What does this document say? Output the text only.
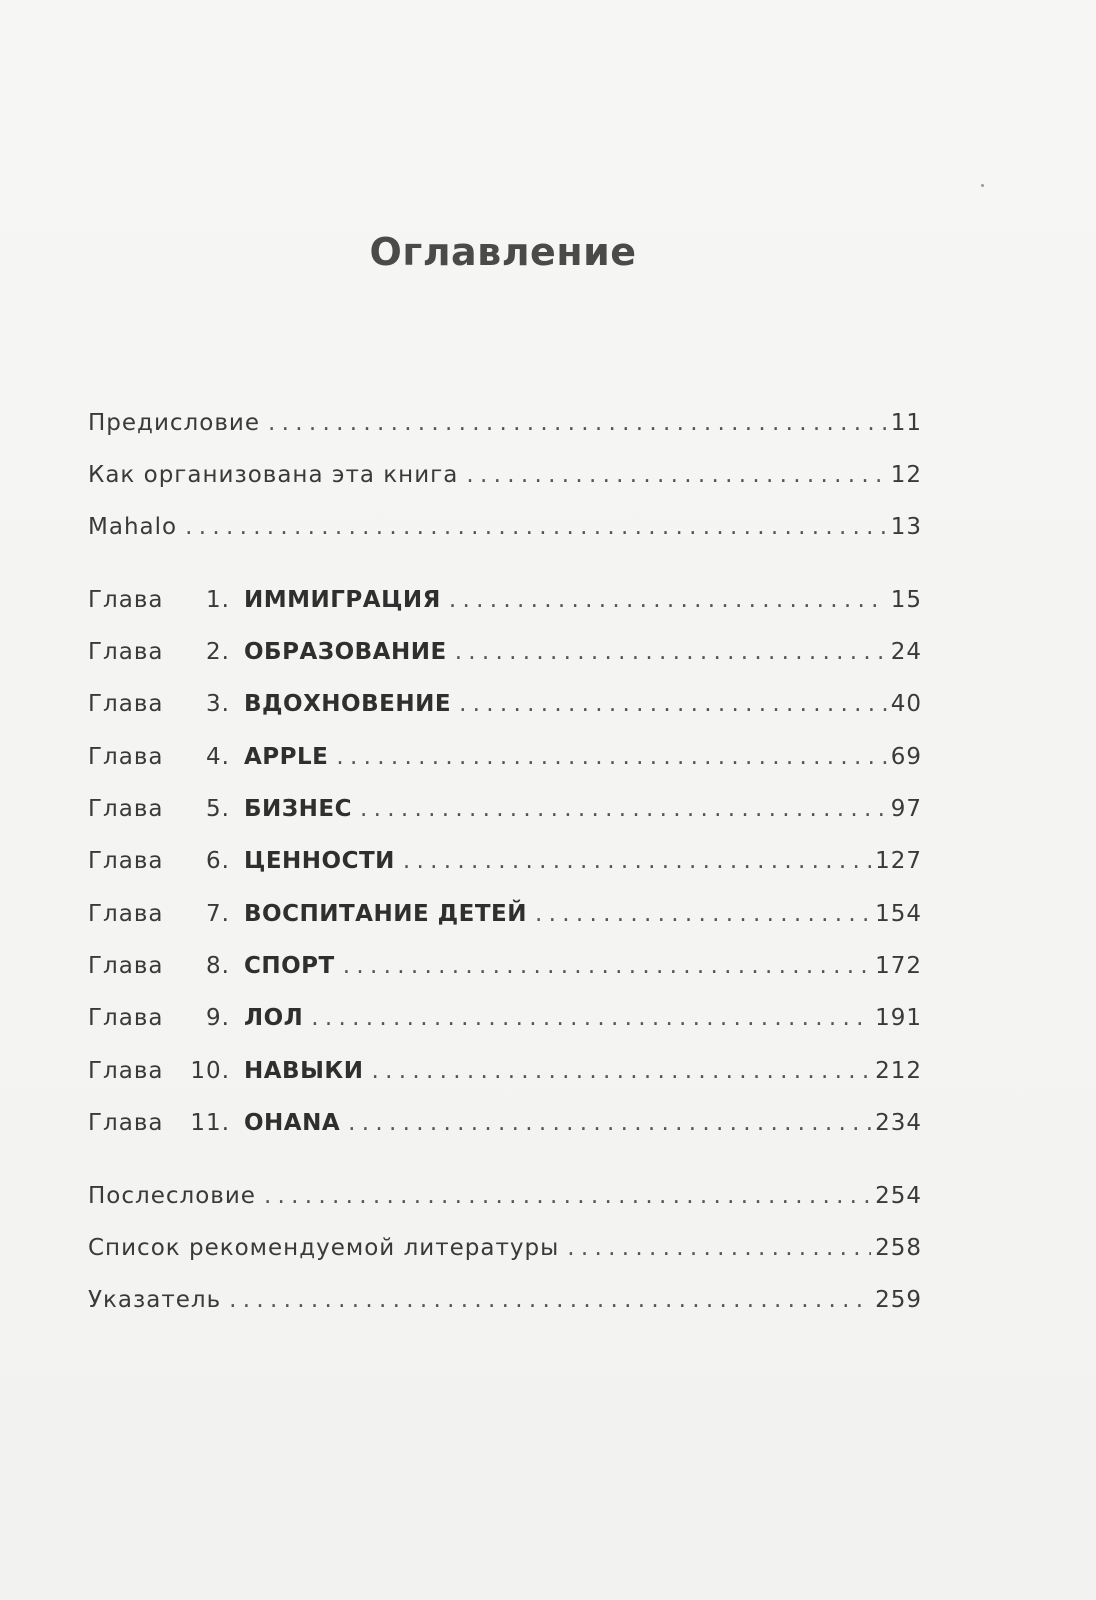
Оглавление
Предисловие . . .	11
Как организована эта книга . . .	12
Mahalo . . .	13
Глава 1. ИММИГРАЦИЯ . . .	15
Глава 2. ОБРАЗОВАНИЕ . . .	24
Глава 3. ВДОХНОВЕНИЕ . . .	40
Глава 4. APPLE . . .	69
Глава 5. БИЗНЕС . . .	97
Глава 6. ЦЕННОСТИ . . .	127
Глава 7. ВОСПИТАНИЕ ДЕТЕЙ . . .	154
Глава 8. СПОРТ . . .	172
Глава 9. ЛОЛ . . .	191
Глава 10. НАВЫКИ . . .	212
Глава 11. OHANA . . .	234
Послесловие . . .	254
Список рекомендуемой литературы . . .	258
Указатель . . .	259
